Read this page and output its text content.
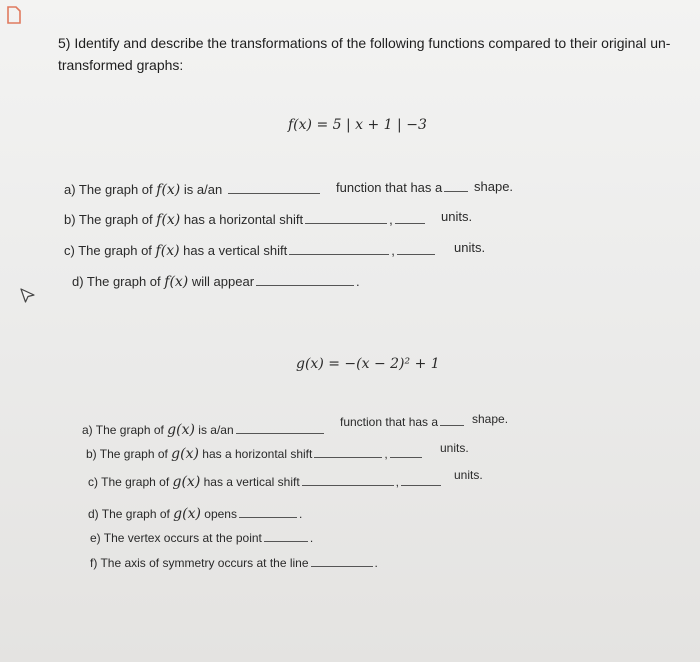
5) Identify and describe the transformations of the following functions compared to their original un-
transformed graphs:
f(x) = 5 | x + 1 | −3
a) The graph of f(x) is a/an	function that has a	shape.
b) The graph of f(x) has a horizontal shift	,	units.
c) The graph of f(x) has a vertical shift	,	units.
d) The graph of f(x) will appear	.
g(x) = −(x − 2)² + 1
a) The graph of g(x) is a/an
function that has a	shape.
b) The graph of g(x) has a horizontal shift	,	units.
c) The graph of g(x) has a vertical shift	,	units.
d) The graph of g(x) opens	.
e) The vertex occurs at the point	.
f) The axis of symmetry occurs at the line	.
